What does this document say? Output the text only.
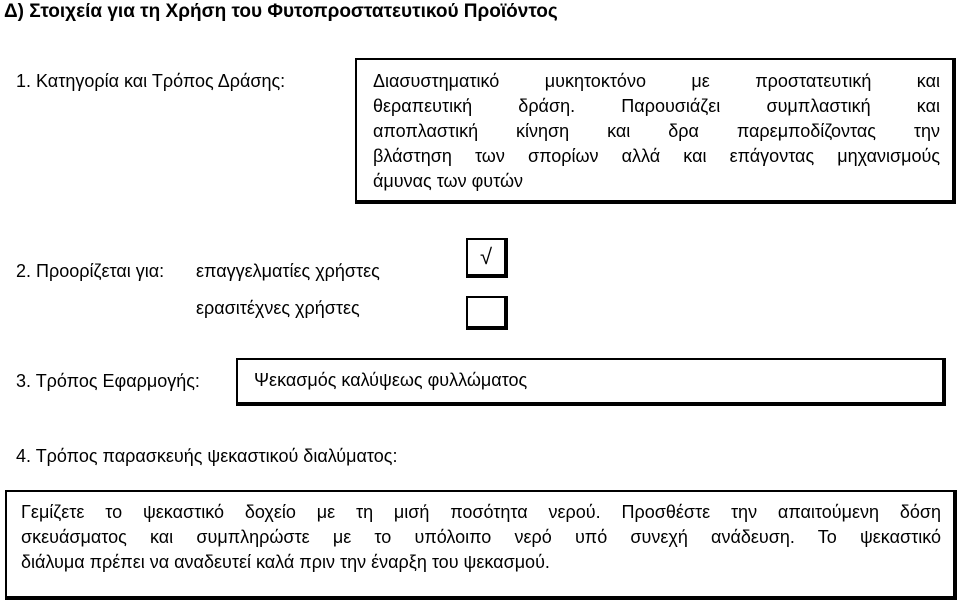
Δ) Στοιχεία για τη Χρήση του Φυτοπροστατευτικού Προϊόντος
1. Κατηγορία και Τρόπος Δράσης:	Διασυστηματικό μυκητοκτόνο με προστατευτική και
θεραπευτική δράση. Παρουσιάζει συμπλαστική και
αποπλαστική κίνηση και δρα παρεμποδίζοντας την
βλάστηση των σπορίων αλλά και επάγοντας μηχανισμούς
άμυνας των φυτών
2. Προορίζεται για: επαγγελματίες χρήστες
√
ερασιτέχνες χρήστες
3. Τρόπος Εφαρμογής:	Ψεκασμός καλύψεως φυλλώματος
4. Τρόπος παρασκευής ψεκαστικού διαλύματος:
Γεμίζετε το ψεκαστικό δοχείο με τη μισή ποσότητα νερού. Προσθέστε την απαιτούμενη δόση
σκευάσματος και συμπληρώστε με το υπόλοιπο νερό υπό συνεχή ανάδευση. Το ψεκαστικό
διάλυμα πρέπει να αναδευτεί καλά πριν την έναρξη του ψεκασμού.
